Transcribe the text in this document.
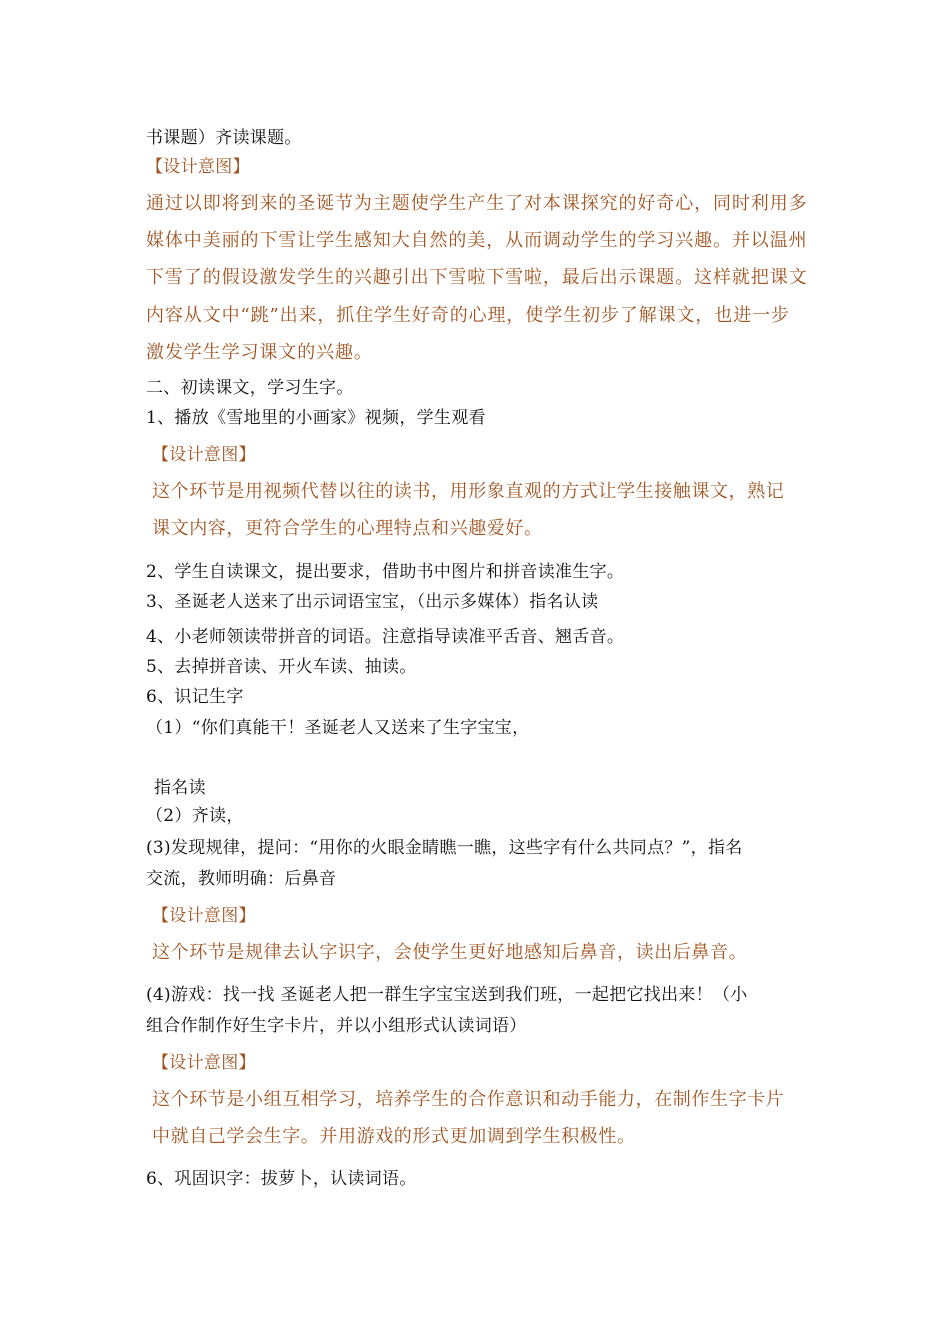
书课题）齐读课题。
【设计意图】
通过以即将到来的圣诞节为主题使学生产生了对本课探究的好奇心，同时利用多
媒体中美丽的下雪让学生感知大自然的美，从而调动学生的学习兴趣。并以温州
下雪了的假设激发学生的兴趣引出下雪啦下雪啦，最后出示课题。这样就把课文
内容从文中“跳”出来，抓住学生好奇的心理，使学生初步了解课文，也进一步
激发学生学习课文的兴趣。
二、初读课文，学习生字。
1、播放《雪地里的小画家》视频，学生观看
【设计意图】
这个环节是用视频代替以往的读书，用形象直观的方式让学生接触课文，熟记
课文内容，更符合学生的心理特点和兴趣爱好。
2、学生自读课文，提出要求，借助书中图片和拼音读准生字。
3、圣诞老人送来了出示词语宝宝，（出示多媒体）指名认读
4、小老师领读带拼音的词语。注意指导读准平舌音、翘舌音。
5、去掉拼音读、开火车读、抽读。
6、识记生字
（1）“你们真能干！圣诞老人又送来了生字宝宝，
指名读
（2）齐读，
(3)发现规律，提问：“用你的火眼金睛瞧一瞧，这些字有什么共同点？”，指名
交流，教师明确：后鼻音
【设计意图】
这个环节是规律去认字识字，会使学生更好地感知后鼻音，读出后鼻音。
(4)游戏：找一找 圣诞老人把一群生字宝宝送到我们班，一起把它找出来！（小
组合作制作好生字卡片，并以小组形式认读词语）
【设计意图】
这个环节是小组互相学习，培养学生的合作意识和动手能力，在制作生字卡片
中就自己学会生字。并用游戏的形式更加调到学生积极性。
6、巩固识字：拔萝卜，认读词语。
